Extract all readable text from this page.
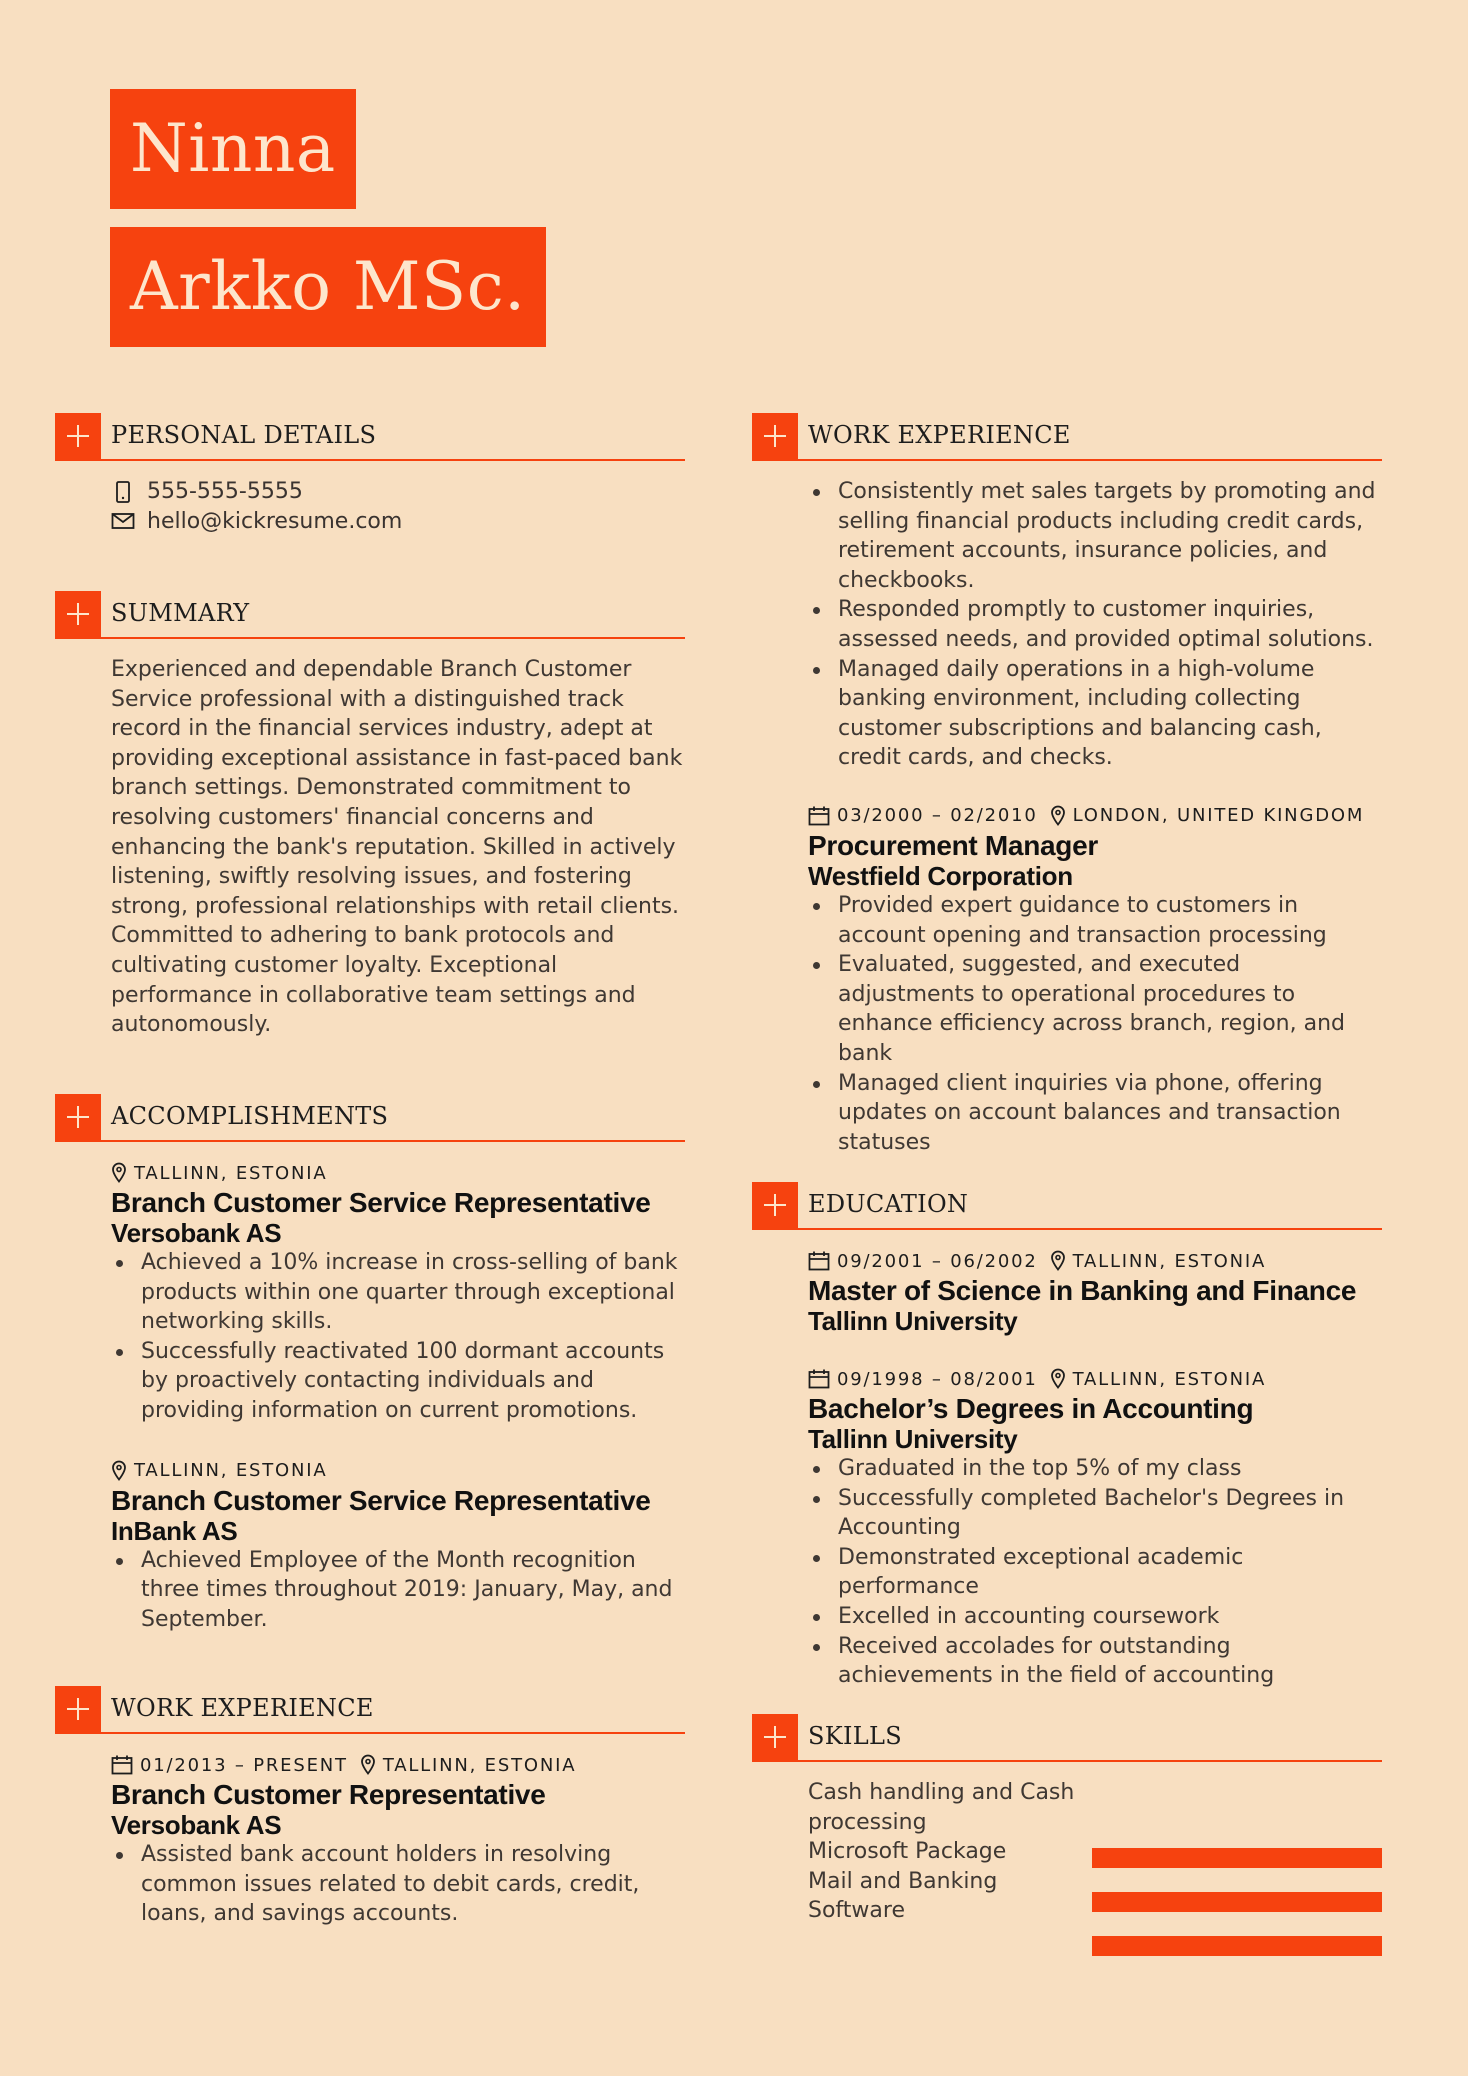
Ninna
Arkko MSc.
PERSONAL DETAILS
555-555-5555
hello@kickresume.com
SUMMARY
Experienced and dependable Branch Customer Service professional with a distinguished track record in the financial services industry, adept at providing exceptional assistance in fast-paced bank branch settings. Demonstrated commitment to resolving customers' financial concerns and enhancing the bank's reputation. Skilled in actively listening, swiftly resolving issues, and fostering strong, professional relationships with retail clients. Committed to adhering to bank protocols and cultivating customer loyalty. Exceptional performance in collaborative team settings and autonomously.
ACCOMPLISHMENTS
TALLINN, ESTONIA
Branch Customer Service Representative
Versobank AS
Achieved a 10% increase in cross-selling of bank products within one quarter through exceptional networking skills.
Successfully reactivated 100 dormant accounts by proactively contacting individuals and providing information on current promotions.
TALLINN, ESTONIA
Branch Customer Service Representative
InBank AS
Achieved Employee of the Month recognition three times throughout 2019: January, May, and September.
WORK EXPERIENCE
01/2013 – PRESENT TALLINN, ESTONIA
Branch Customer Representative
Versobank AS
Assisted bank account holders in resolving common issues related to debit cards, credit, loans, and savings accounts.
WORK EXPERIENCE
Consistently met sales targets by promoting and selling financial products including credit cards, retirement accounts, insurance policies, and checkbooks.
Responded promptly to customer inquiries, assessed needs, and provided optimal solutions.
Managed daily operations in a high-volume banking environment, including collecting customer subscriptions and balancing cash, credit cards, and checks.
03/2000 – 02/2010 LONDON, UNITED KINGDOM
Procurement Manager
Westfield Corporation
Provided expert guidance to customers in account opening and transaction processing
Evaluated, suggested, and executed adjustments to operational procedures to enhance efficiency across branch, region, and bank
Managed client inquiries via phone, offering updates on account balances and transaction statuses
EDUCATION
09/2001 – 06/2002 TALLINN, ESTONIA
Master of Science in Banking and Finance
Tallinn University
09/1998 – 08/2001 TALLINN, ESTONIA
Bachelor’s Degrees in Accounting
Tallinn University
Graduated in the top 5% of my class
Successfully completed Bachelor's Degrees in Accounting
Demonstrated exceptional academic performance
Excelled in accounting coursework
Received accolades for outstanding achievements in the field of accounting
SKILLS
Cash handling and Cash processing
Microsoft Package
Mail and Banking Software
